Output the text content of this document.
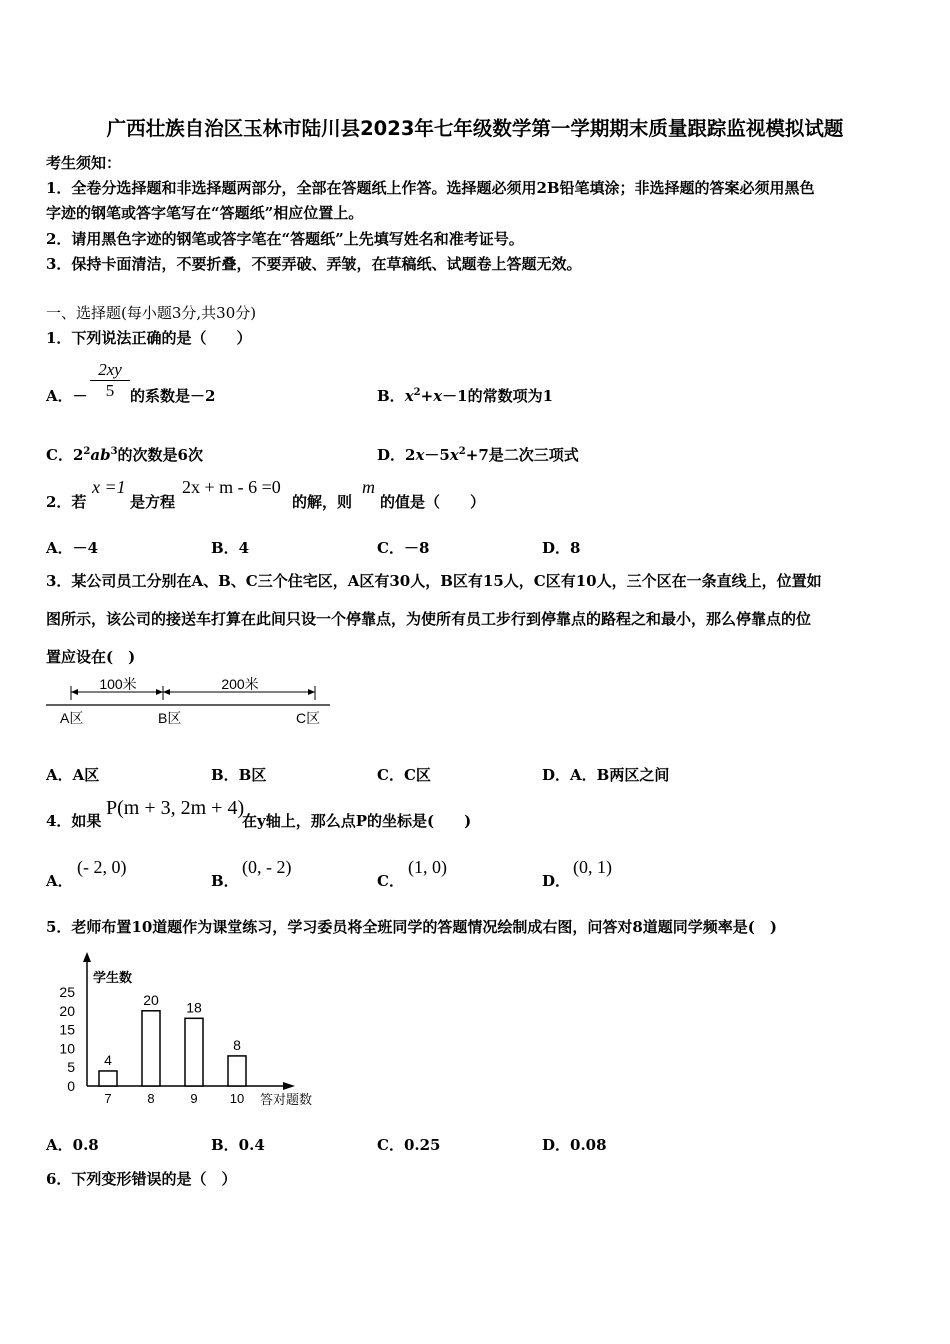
广西壮族自治区玉林市陆川县2023年七年级数学第一学期期末质量跟踪监视模拟试题
考生须知：
1．全卷分选择题和非选择题两部分，全部在答题纸上作答。选择题必须用2B铅笔填涂；非选择题的答案必须用黑色
字迹的钢笔或答字笔写在“答题纸”相应位置上。
2．请用黑色字迹的钢笔或答字笔在“答题纸”上先填写姓名和准考证号。
3．保持卡面清洁，不要折叠，不要弄破、弄皱，在草稿纸、试题卷上答题无效。
一、选择题(每小题3分,共30分)
1．下列说法正确的是（　　）
A．－ $\frac{2xy}{5}$ 的系数是－2	B．$x^2+x-1$的常数项为1
C．$2^2ab^3$的次数是6次	D．$2x-5x^2+7$是二次三项式
2．若
x =1
是方程
2x + m - 6 =0
的解，则
m
的值是（　　）
A．－4	B．4	C．－8	D．8
3．某公司员工分别在A、B、C三个住宅区，A区有30人，B区有15人，C区有10人，三个区在一条直线上，位置如
图所示，该公司的接送车打算在此间只设一个停靠点，为使所有员工步行到停靠点的路程之和最小，那么停靠点的位
置应设在(　)
100米	200米
A区	B区	C区
A．A区	B．B区	C．C区	D．A．B两区之间
4．如果
P(m + 3, 2m + 4)
在y轴上，那么点P的坐标是(　　)
A．
(- 2, 0)
B．
(0, - 2)
C．
(1, 0)
D．
(0, 1)
5．老师布置10道题作为课堂练习，学习委员将全班同学的答题情况绘制成右图，问答对8道题同学频率是(　)
学生数
答对题数
25
20
15
10
5
0
4
7
20
8
18
9
8
10
A．0.8	B．0.4	C．0.25	D．0.08
6．下列变形错误的是（　）
